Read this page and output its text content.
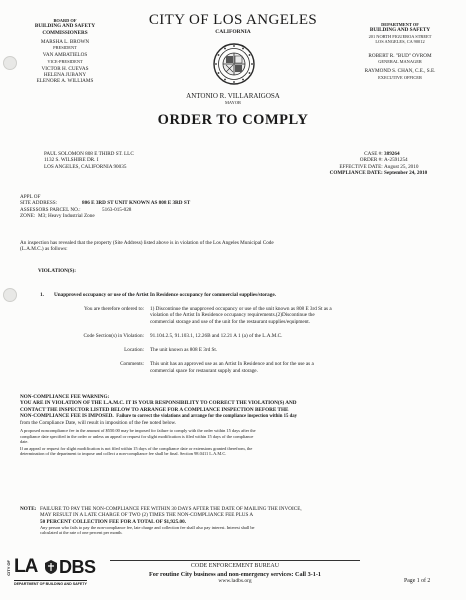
BOARD OF
BUILDING AND SAFETY
COMMISSIONERS
MARSHA L. BROWN
PRESIDENT
VAN AMBATIELOS
VICE-PRESIDENT
VICTOR H. CUEVAS
HELENA JUBANY
ELENORE A. WILLIAMS
CITY OF LOS ANGELES
CALIFORNIA
ANTONIO R. VILLARAIGOSA
MAYOR
DEPARTMENT OF
BUILDING AND SAFETY
201 NORTH FIGUEROA STREET
LOS ANGELES, CA 90012
ROBERT R. "BUD" OVROM
GENERAL MANAGER
RAYMOND S. CHAN, C.E., S.E.
EXECUTIVE OFFICER
ORDER TO COMPLY
PAUL SOLOMON 808 E THIRD ST. LLC
1132 S. WILSHIRE DR. I
LOS ANGELES, CALIFORNIA 90035
CASE #:
389264
ORDER #:
A-2591254
EFFECTIVE DATE:
August 25, 2010
COMPLIANCE DATE:
September 24, 2010
APPL OF
SITE ADDRESS:	806 E 3RD ST UNIT KNOWN AS 808 E 3RD ST
ASSESSORS PARCEL NO.:	5163-015-028
ZONE: M3; Heavy Industrial Zone
An inspection has revealed that the property (Site Address) listed above is in violation of the Los Angeles Municipal Code
(L.A.M.C.) as follows:
VIOLATION(S):
1. Unapproved occupancy or use of the Artist In Residence occupancy for commercial supplies/storage.
You are therefore ordered to:	1) Discontinue the unapproved occupancy or use of the unit known as 808 E 3rd St as a
violation of the Artist In Residence occupancy requirements.(2)Discontinue the
commercial storage and use of the unit for the restaurant supplies/equipment.
Code Section(s) in Violation:	91.104.2.5, 91.103.1, 12.26B and 12.21 A 1 (a) of the L.A.M.C.
Location:	The unit known as 808 E 3rd St.
Comments:	This unit has an approved use as an Artist In Residence and not for the use as a
commercial space for restaurant supply and storage.
NON-COMPLIANCE FEE WARNING:
YOU ARE IN VIOLATION OF THE L.A.M.C. IT IS YOUR RESPONSIBILITY TO CORRECT THE VIOLATION(S) AND
CONTACT THE INSPECTOR LISTED BELOW TO ARRANGE FOR A COMPLIANCE INSPECTION BEFORE THE
NON-COMPLIANCE FEE IS IMPOSED. Failure to correct the violations and arrange for the compliance inspection within 15 day
from the Compliance Date, will result in imposition of the fee noted below.
A proposed noncompliance fee in the amount of $550.00 may be imposed for failure to comply with the order within 15 days after the
compliance date specified in the order or unless an appeal or request for slight modification is filed within 15 days of the compliance
date.
If an appeal or request for slight modification is not filed within 15 days of the compliance date or extensions granted therefrom, the
determination of the department to impose and collect a non-compliance fee shall be final. Section 98.0411 L.A.M.C.
NOTE: FAILURE TO PAY THE NON-COMPLIANCE FEE WITHIN 30 DAYS AFTER THE DATE OF MAILING THE INVOICE,
MAY RESULT IN A LATE CHARGE OF TWO (2) TIMES THE NON-COMPLIANCE FEE PLUS A
50 PERCENT COLLECTION FEE FOR A TOTAL OF $1,925.00.
Any person who fails to pay the non-compliance fee, late charge and collection fee shall also pay interest. Interest shall be
calculated at the rate of one percent per month.
CITY OF LA DBS
DEPARTMENT OF BUILDING AND SAFETY
CODE ENFORCEMENT BUREAU
For routine City business and non-emergency services: Call 3-1-1
www.ladbs.org	Page 1 of 2
